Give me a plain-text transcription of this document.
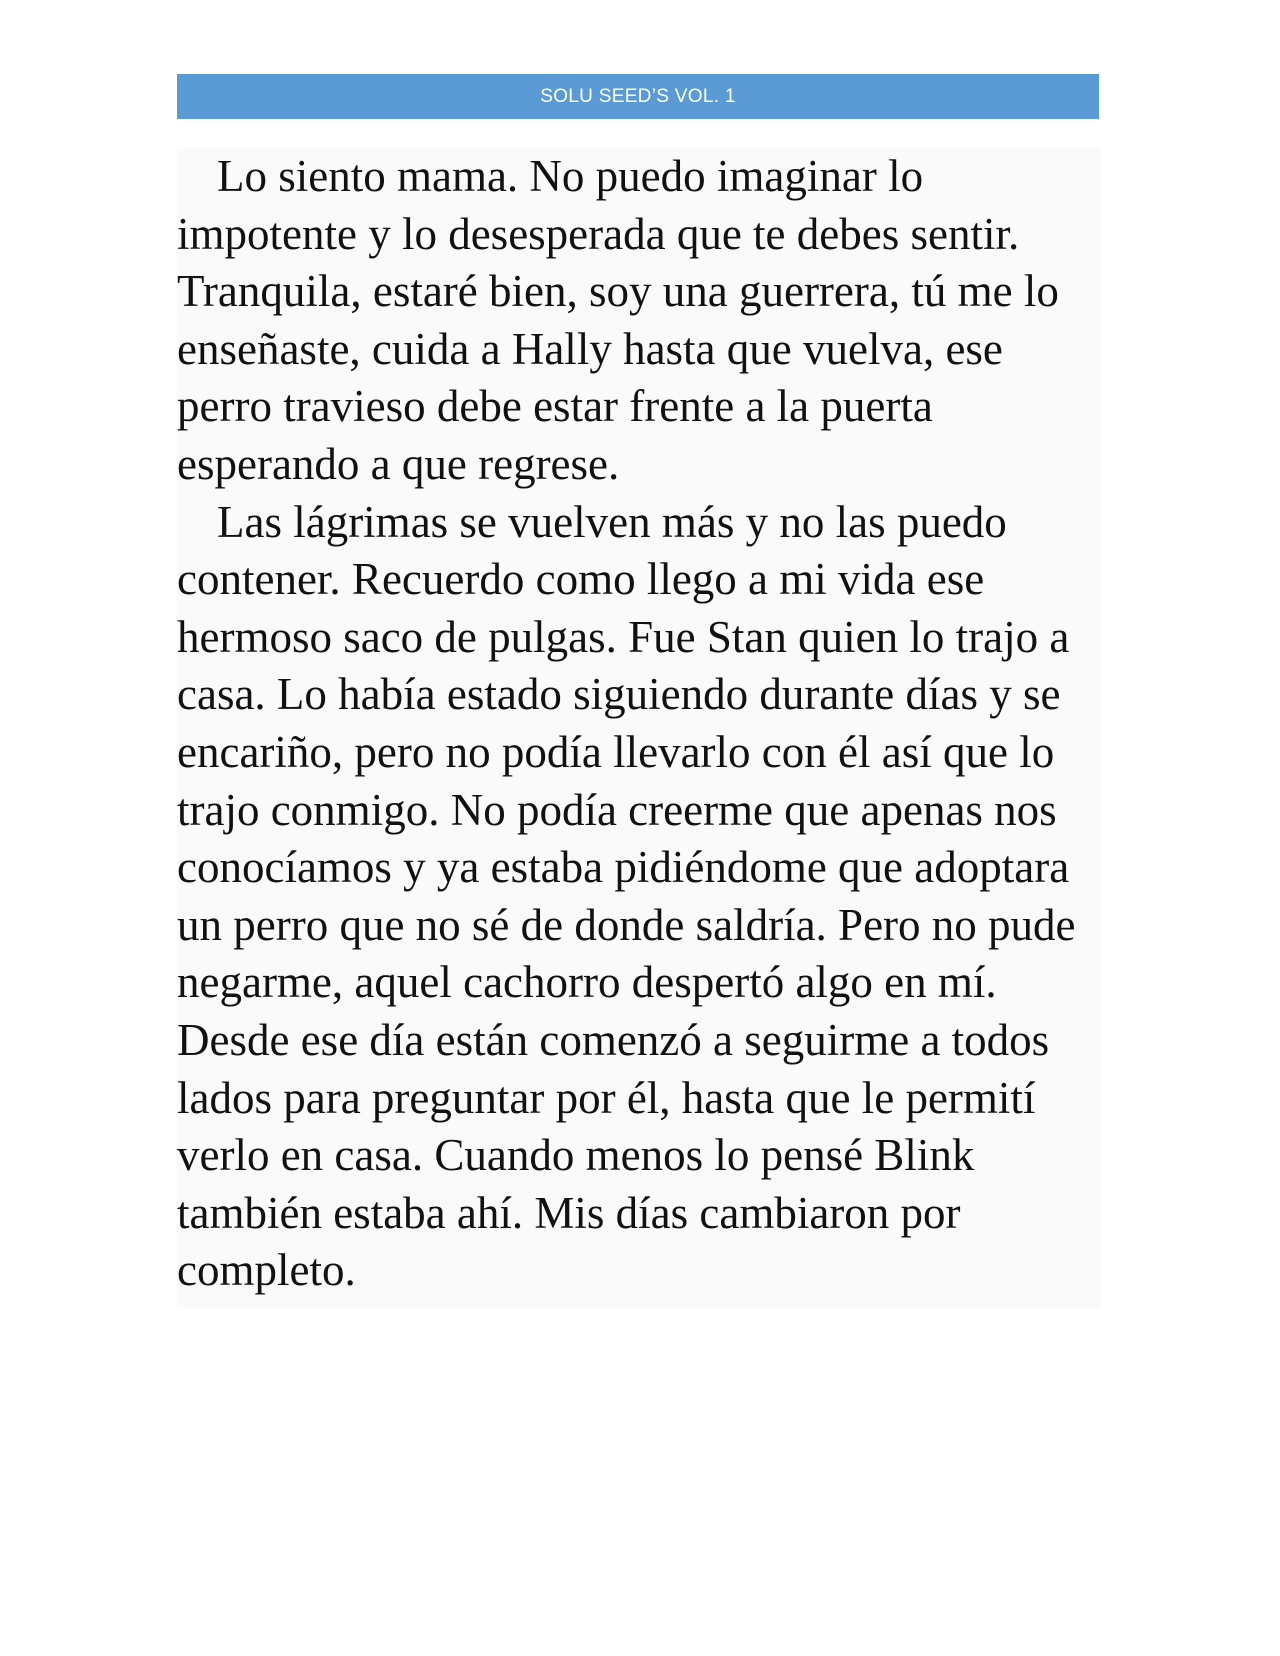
SOLU SEED’S VOL. 1

Lo siento mama. No puedo imaginar lo impotente y lo desesperada que te debes sentir. Tranquila, estaré bien, soy una guerrera, tú me lo enseñaste, cuida a Hally hasta que vuelva, ese perro travieso debe estar frente a la puerta esperando a que regrese.

Las lágrimas se vuelven más y no las puedo contener. Recuerdo como llego a mi vida ese hermoso saco de pulgas. Fue Stan quien lo trajo a casa. Lo había estado siguiendo durante días y se encariño, pero no podía llevarlo con él así que lo trajo conmigo. No podía creerme que apenas nos conocíamos y ya estaba pidiéndome que adoptara un perro que no sé de donde saldría. Pero no pude negarme, aquel cachorro despertó algo en mí. Desde ese día están comenzó a seguirme a todos lados para preguntar por él, hasta que le permití verlo en casa. Cuando menos lo pensé Blink también estaba ahí. Mis días cambiaron por completo.
